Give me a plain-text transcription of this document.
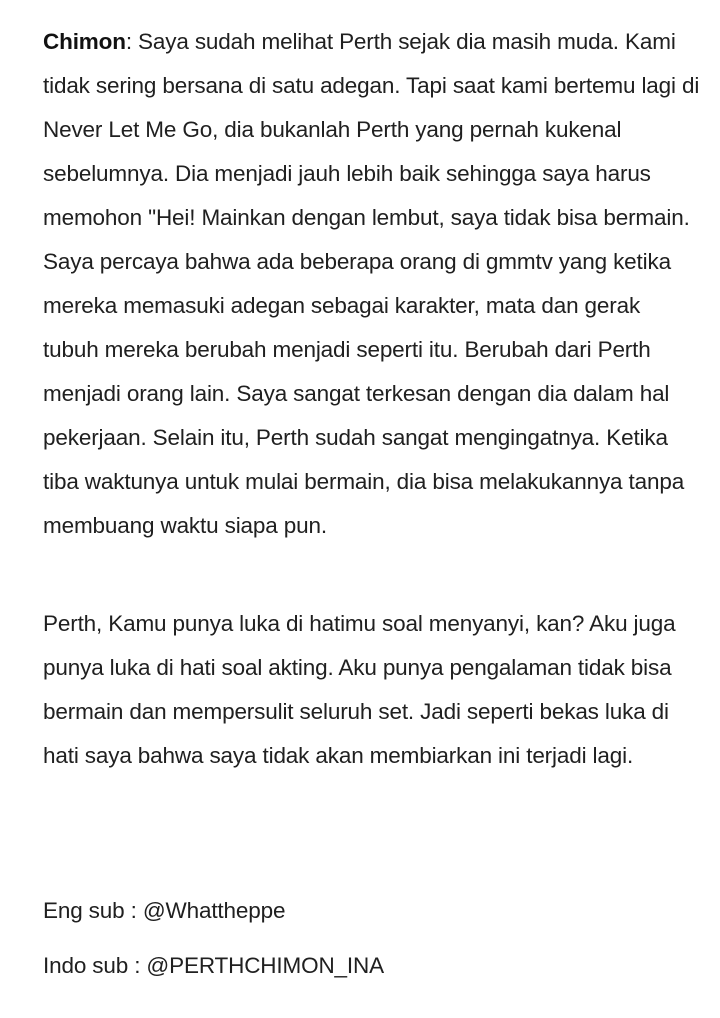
Chimon: Saya sudah melihat Perth sejak dia masih muda. Kami tidak sering bersana di satu adegan. Tapi saat kami bertemu lagi di Never Let Me Go, dia bukanlah Perth yang pernah kukenal sebelumnya. Dia menjadi jauh lebih baik sehingga saya harus memohon "Hei! Mainkan dengan lembut, saya tidak bisa bermain. Saya percaya bahwa ada beberapa orang di gmmtv yang ketika mereka memasuki adegan sebagai karakter, mata dan gerak tubuh mereka berubah menjadi seperti itu. Berubah dari Perth menjadi orang lain. Saya sangat terkesan dengan dia dalam hal pekerjaan. Selain itu, Perth sudah sangat mengingatnya. Ketika tiba waktunya untuk mulai bermain, dia bisa melakukannya tanpa membuang waktu siapa pun.

Perth, Kamu punya luka di hatimu soal menyanyi, kan? Aku juga punya luka di hati soal akting. Aku punya pengalaman tidak bisa bermain dan mempersulit seluruh set. Jadi seperti bekas luka di hati saya bahwa saya tidak akan membiarkan ini terjadi lagi.

Eng sub : @Whattheppe

Indo sub : @PERTHCHIMON_INA
